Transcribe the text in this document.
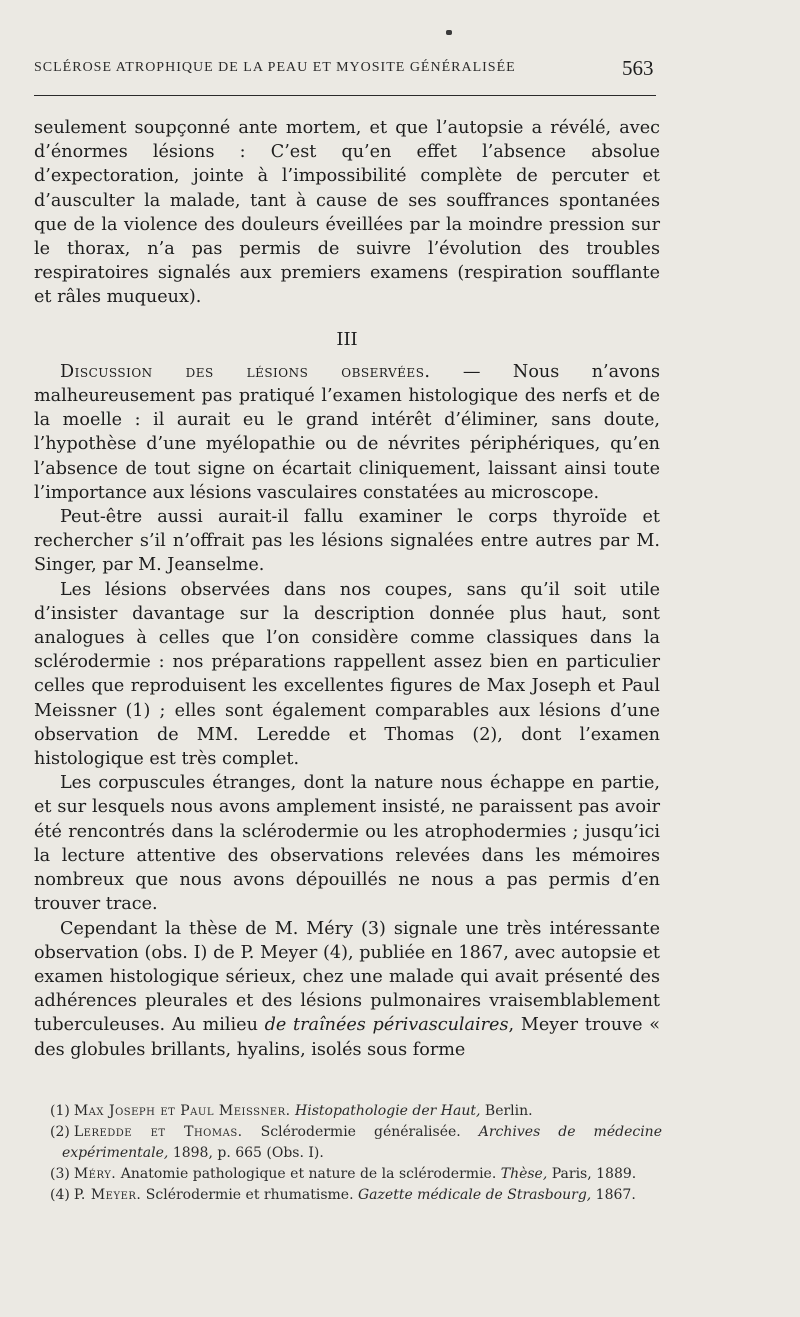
SCLÉROSE ATROPHIQUE DE LA PEAU ET MYOSITE GÉNÉRALISÉE	563

seulement soupçonné ante mortem, et que l’autopsie a révélé, avec d’énormes lésions : C’est qu’en effet l’absence absolue d’expectoration, jointe à l’impossibilité complète de percuter et d’ausculter la malade, tant à cause de ses souffrances spontanées que de la violence des douleurs éveillées par la moindre pression sur le thorax, n’a pas permis de suivre l’évolution des troubles respiratoires signalés aux premiers examens (respiration soufflante et râles muqueux).

III

Discussion des lésions observées. — Nous n’avons malheureusement pas pratiqué l’examen histologique des nerfs et de la moelle : il aurait eu le grand intérêt d’éliminer, sans doute, l’hypothèse d’une myélopathie ou de névrites périphériques, qu’en l’absence de tout signe on écartait cliniquement, laissant ainsi toute l’importance aux lésions vasculaires constatées au microscope.

Peut-être aussi aurait-il fallu examiner le corps thyroïde et rechercher s’il n’offrait pas les lésions signalées entre autres par M. Singer, par M. Jeanselme.

Les lésions observées dans nos coupes, sans qu’il soit utile d’insister davantage sur la description donnée plus haut, sont analogues à celles que l’on considère comme classiques dans la sclérodermie : nos préparations rappellent assez bien en particulier celles que reproduisent les excellentes figures de Max Joseph et Paul Meissner (1) ; elles sont également comparables aux lésions d’une observation de MM. Leredde et Thomas (2), dont l’examen histologique est très complet.

Les corpuscules étranges, dont la nature nous échappe en partie, et sur lesquels nous avons amplement insisté, ne paraissent pas avoir été rencontrés dans la sclérodermie ou les atrophodermies ; jusqu’ici la lecture attentive des observations relevées dans les mémoires nombreux que nous avons dépouillés ne nous a pas permis d’en trouver trace.

Cependant la thèse de M. Méry (3) signale une très intéressante observation (obs. I) de P. Meyer (4), publiée en 1867, avec autopsie et examen histologique sérieux, chez une malade qui avait présenté des adhérences pleurales et des lésions pulmonaires vraisemblablement tuberculeuses. Au milieu de traînées périvasculaires, Meyer trouve « des globules brillants, hyalins, isolés sous forme

(1) Max Joseph et Paul Meissner. Histopathologie der Haut, Berlin.

(2) Leredde et Thomas. Sclérodermie généralisée. Archives de médecine expérimentale, 1898, p. 665 (Obs. I).

(3) Méry. Anatomie pathologique et nature de la sclérodermie. Thèse, Paris, 1889.

(4) P. Meyer. Sclérodermie et rhumatisme. Gazette médicale de Strasbourg, 1867.
